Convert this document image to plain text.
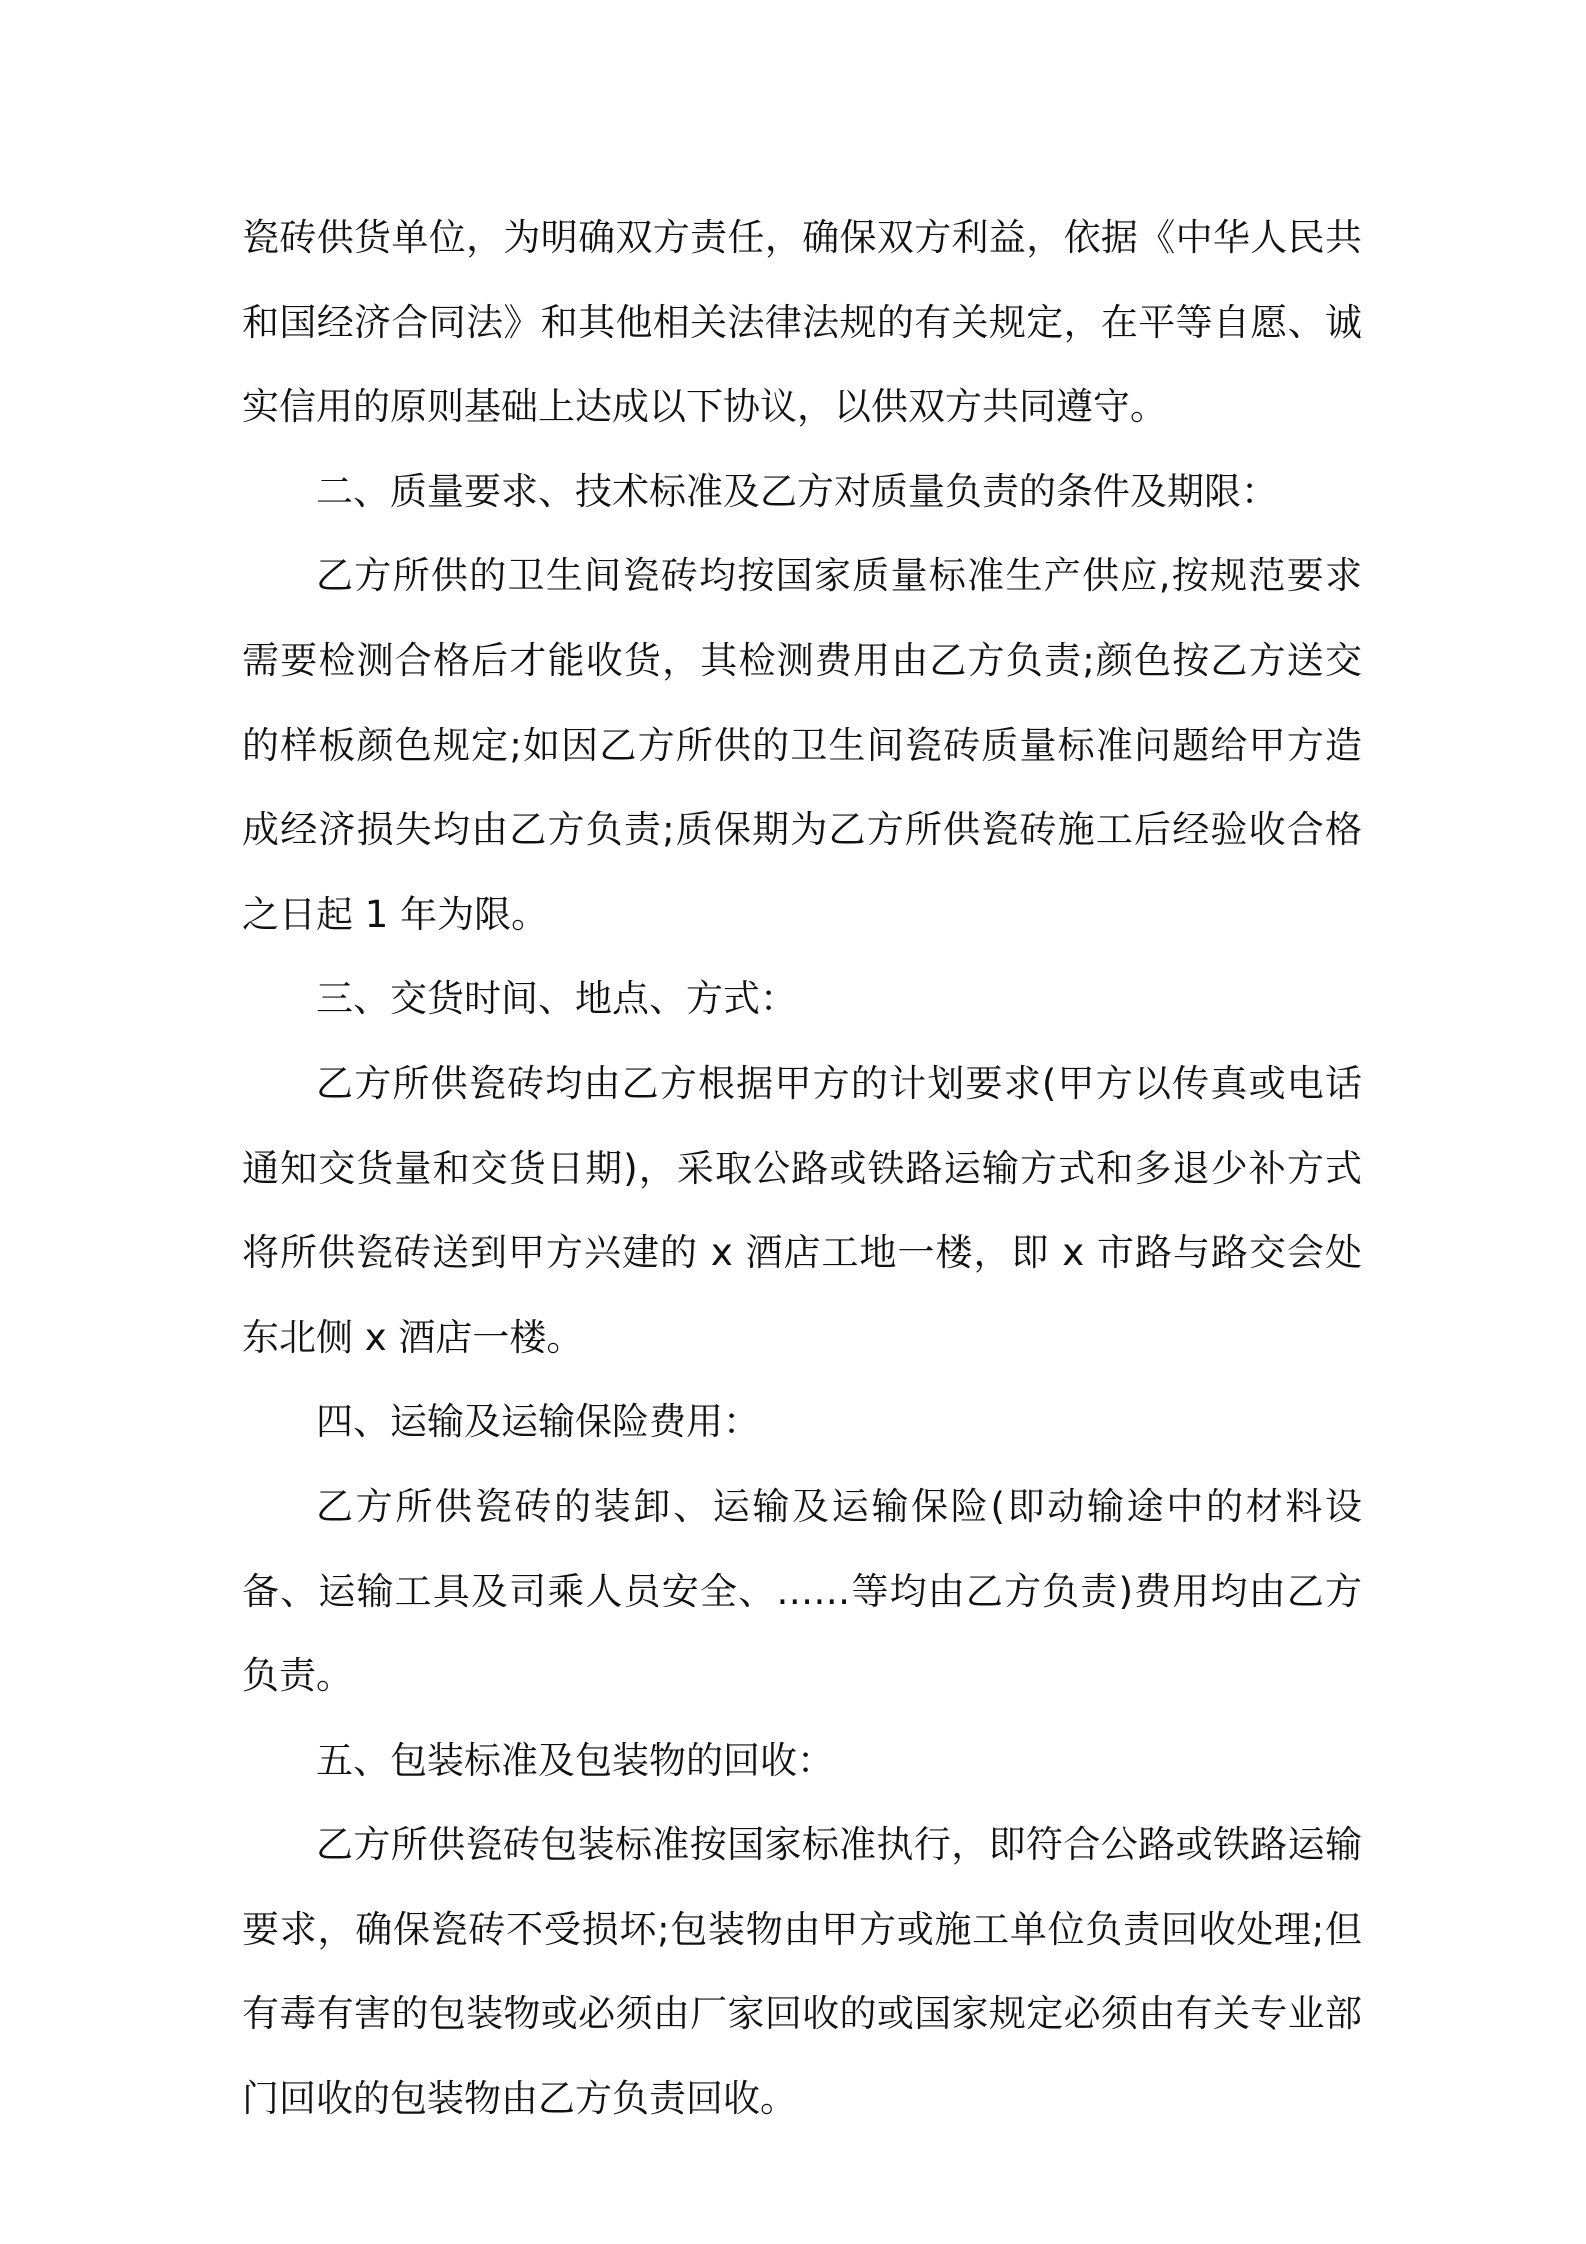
瓷砖供货单位，为明确双方责任，确保双方利益，依据《中华人民共和国经济合同法》和其他相关法律法规的有关规定，在平等自愿、诚实信用的原则基础上达成以下协议，以供双方共同遵守。

二、质量要求、技术标准及乙方对质量负责的条件及期限：

乙方所供的卫生间瓷砖均按国家质量标准生产供应,按规范要求需要检测合格后才能收货，其检测费用由乙方负责;颜色按乙方送交的样板颜色规定;如因乙方所供的卫生间瓷砖质量标准问题给甲方造成经济损失均由乙方负责;质保期为乙方所供瓷砖施工后经验收合格之日起 1 年为限。

三、交货时间、地点、方式：

乙方所供瓷砖均由乙方根据甲方的计划要求(甲方以传真或电话通知交货量和交货日期)，采取公路或铁路运输方式和多退少补方式将所供瓷砖送到甲方兴建的 x 酒店工地一楼，即 x 市路与路交会处东北侧 x 酒店一楼。

四、运输及运输保险费用：

乙方所供瓷砖的装卸、运输及运输保险(即动输途中的材料设备、运输工具及司乘人员安全、……等均由乙方负责)费用均由乙方负责。

五、包装标准及包装物的回收：

乙方所供瓷砖包装标准按国家标准执行，即符合公路或铁路运输要求，确保瓷砖不受损坏;包装物由甲方或施工单位负责回收处理;但有毒有害的包装物或必须由厂家回收的或国家规定必须由有关专业部门回收的包装物由乙方负责回收。
